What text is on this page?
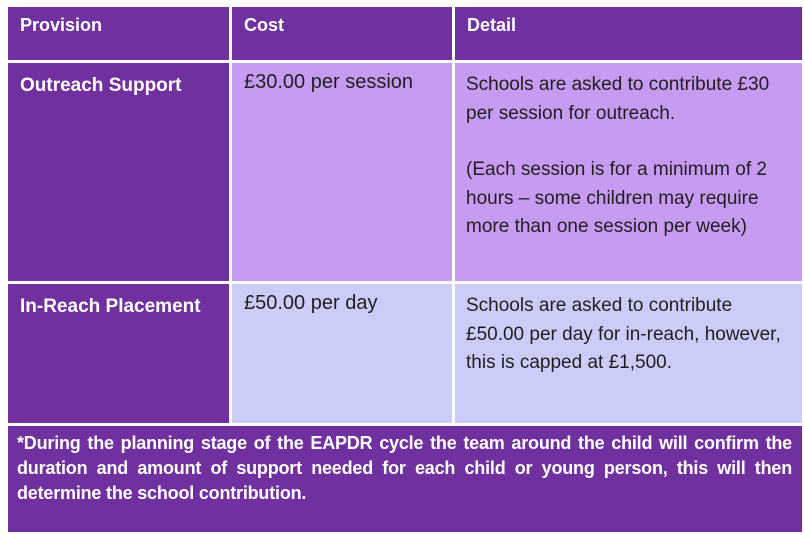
Provision	Cost	Detail
Outreach Support	£30.00 per session	Schools are asked to contribute £30 per session for outreach.

(Each session is for a minimum of 2 hours – some children may require more than one session per week)

In-Reach Placement	£50.00 per day	Schools are asked to contribute £50.00 per day for in-reach, however, this is capped at £1,500.

*During the planning stage of the EAPDR cycle the team around the child will confirm the duration and amount of support needed for each child or young person, this will then determine the school contribution.
